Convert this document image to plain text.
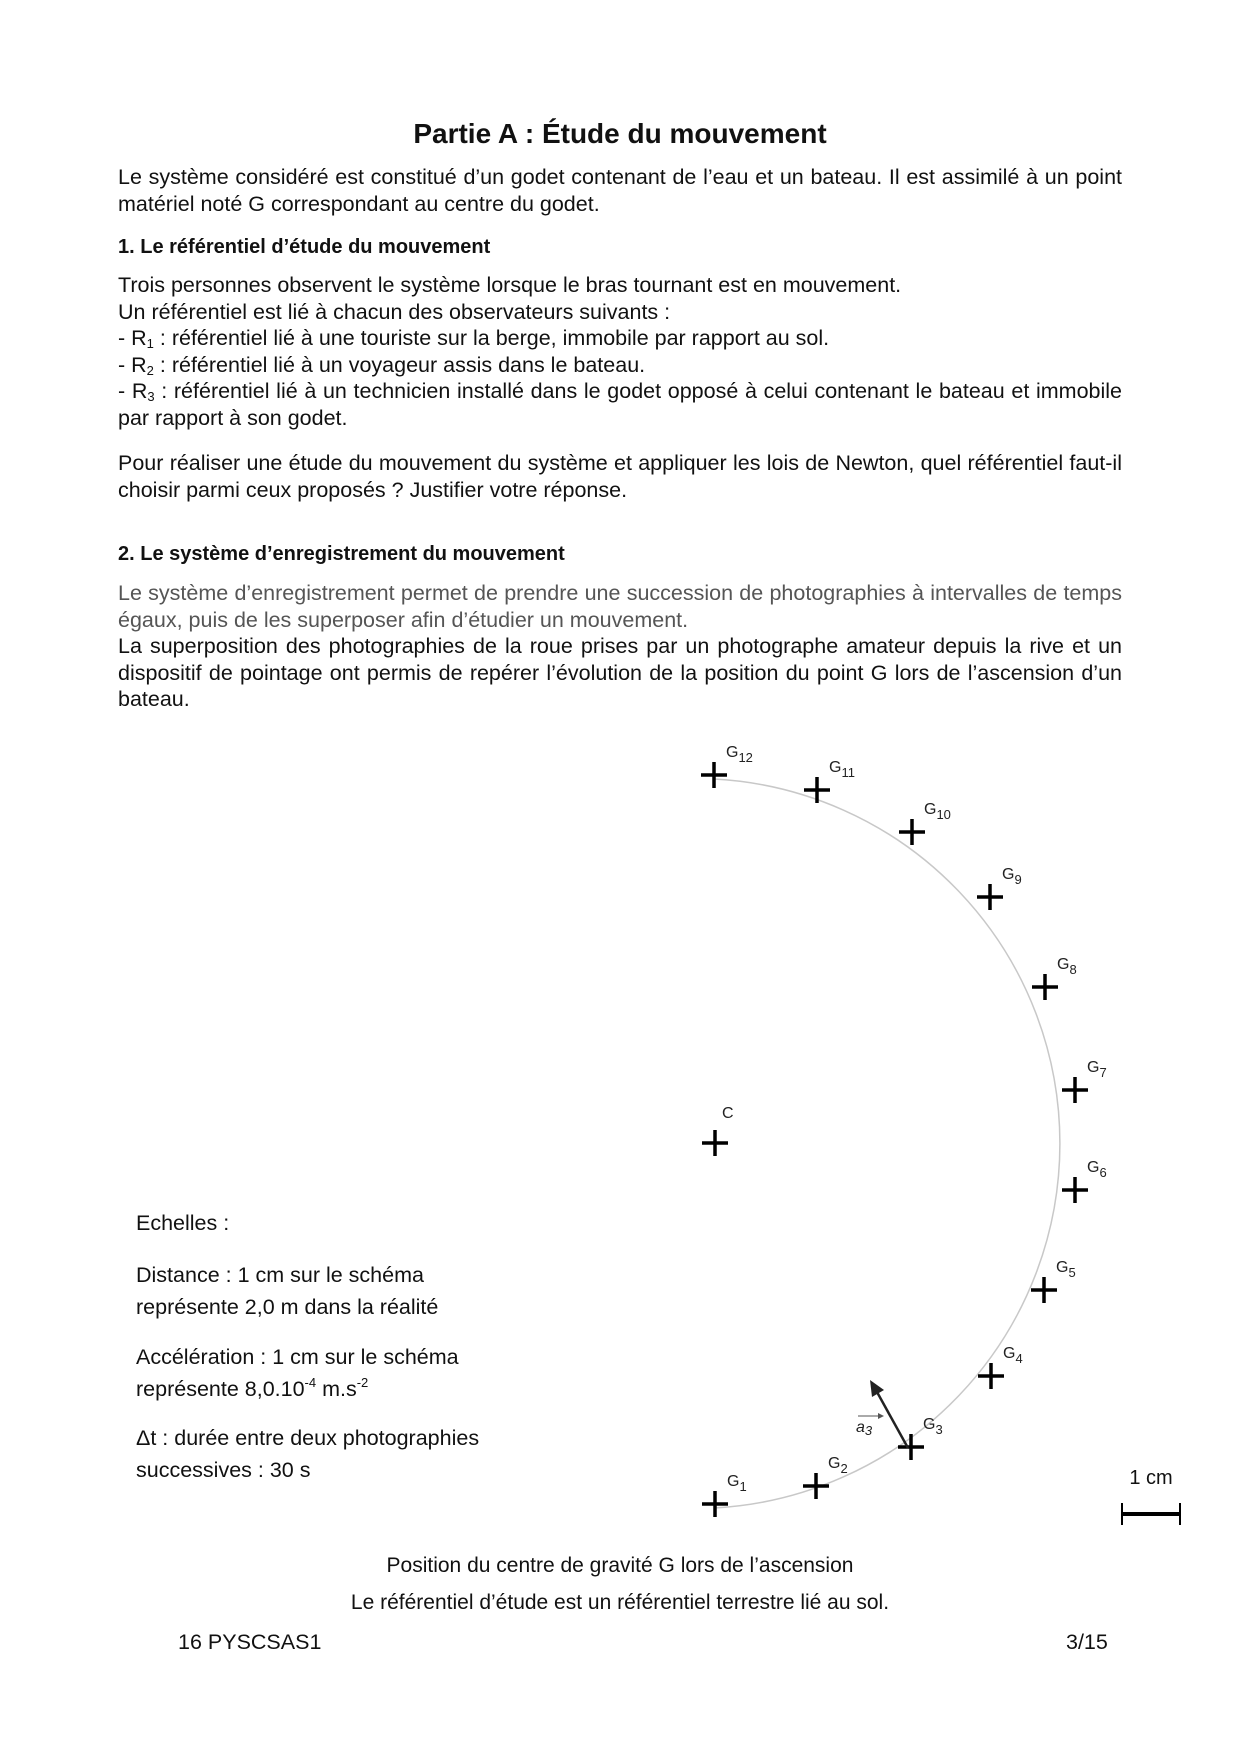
Partie A : Étude du mouvement

Le système considéré est constitué d’un godet contenant de l’eau et un bateau. Il est assimilé à un point matériel noté G correspondant au centre du godet.

1. Le référentiel d’étude du mouvement

Trois personnes observent le système lorsque le bras tournant est en mouvement.

Un référentiel est lié à chacun des observateurs suivants :

- $R_1$ : référentiel lié à une touriste sur la berge, immobile par rapport au sol.

- $R_2$ : référentiel lié à un voyageur assis dans le bateau.

- $R_3$ : référentiel lié à un technicien installé dans le godet opposé à celui contenant le bateau et immobile par rapport à son godet.

Pour réaliser une étude du mouvement du système et appliquer les lois de Newton, quel référentiel faut-il choisir parmi ceux proposés ? Justifier votre réponse.

2. Le système d’enregistrement du mouvement

Le système d’enregistrement permet de prendre une succession de photographies à intervalles de temps égaux, puis de les superposer afin d’étudier un mouvement.

La superposition des photographies de la roue prises par un photographe amateur depuis la rive et un dispositif de pointage ont permis de repérer l’évolution de la position du point G lors de l’ascension d’un bateau.

Echelles :

Distance : 1 cm sur le schéma représente 2,0 m dans la réalité

Accélération : 1 cm sur le schéma représente $8,0.10^{-4}$ $m.s^{-2}$

Δt : durée entre deux photographies successives : 30 s	$G_1$
$G_2$
$G_3$
$G_4$
$G_5$
$G_6$
$G_7$
$G_8$
$G_9$
$G_{10}$
$G_{11}$
$G_{12}$
C
a3
1 cm

Position du centre de gravité G lors de l’ascension

Le référentiel d’étude est un référentiel terrestre lié au sol.

16 PYSCSAS1	3/15
